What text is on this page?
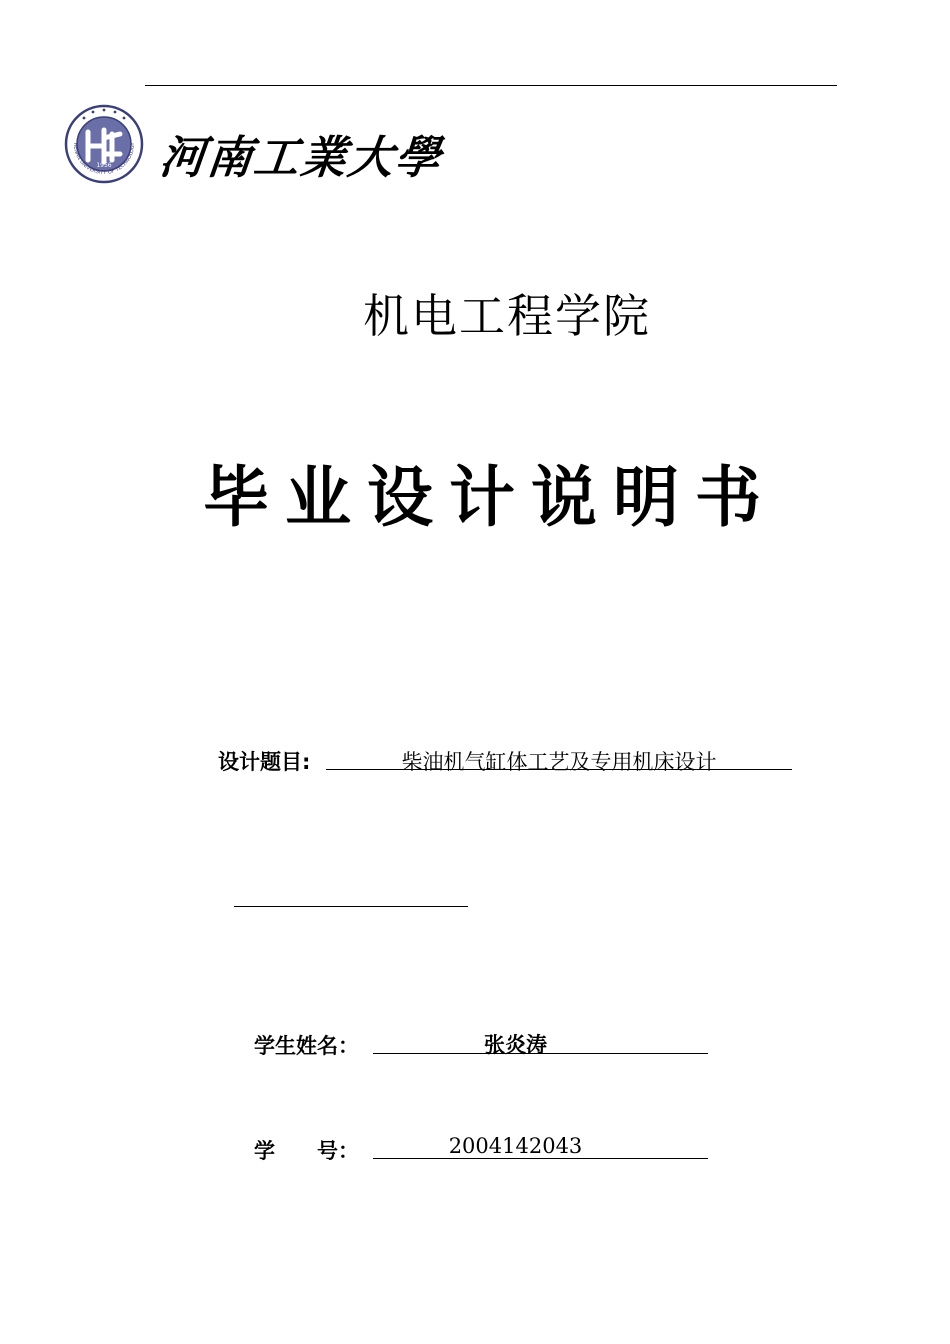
1956
HENAN UNIVERSITY OF TECHNOLOGY 河南工業大學
机电工程学院
毕业设计说明书
设计题目:	柴油机气缸体工艺及专用机床设计
学生姓名：	张炎涛
学　　号：	2004142043
